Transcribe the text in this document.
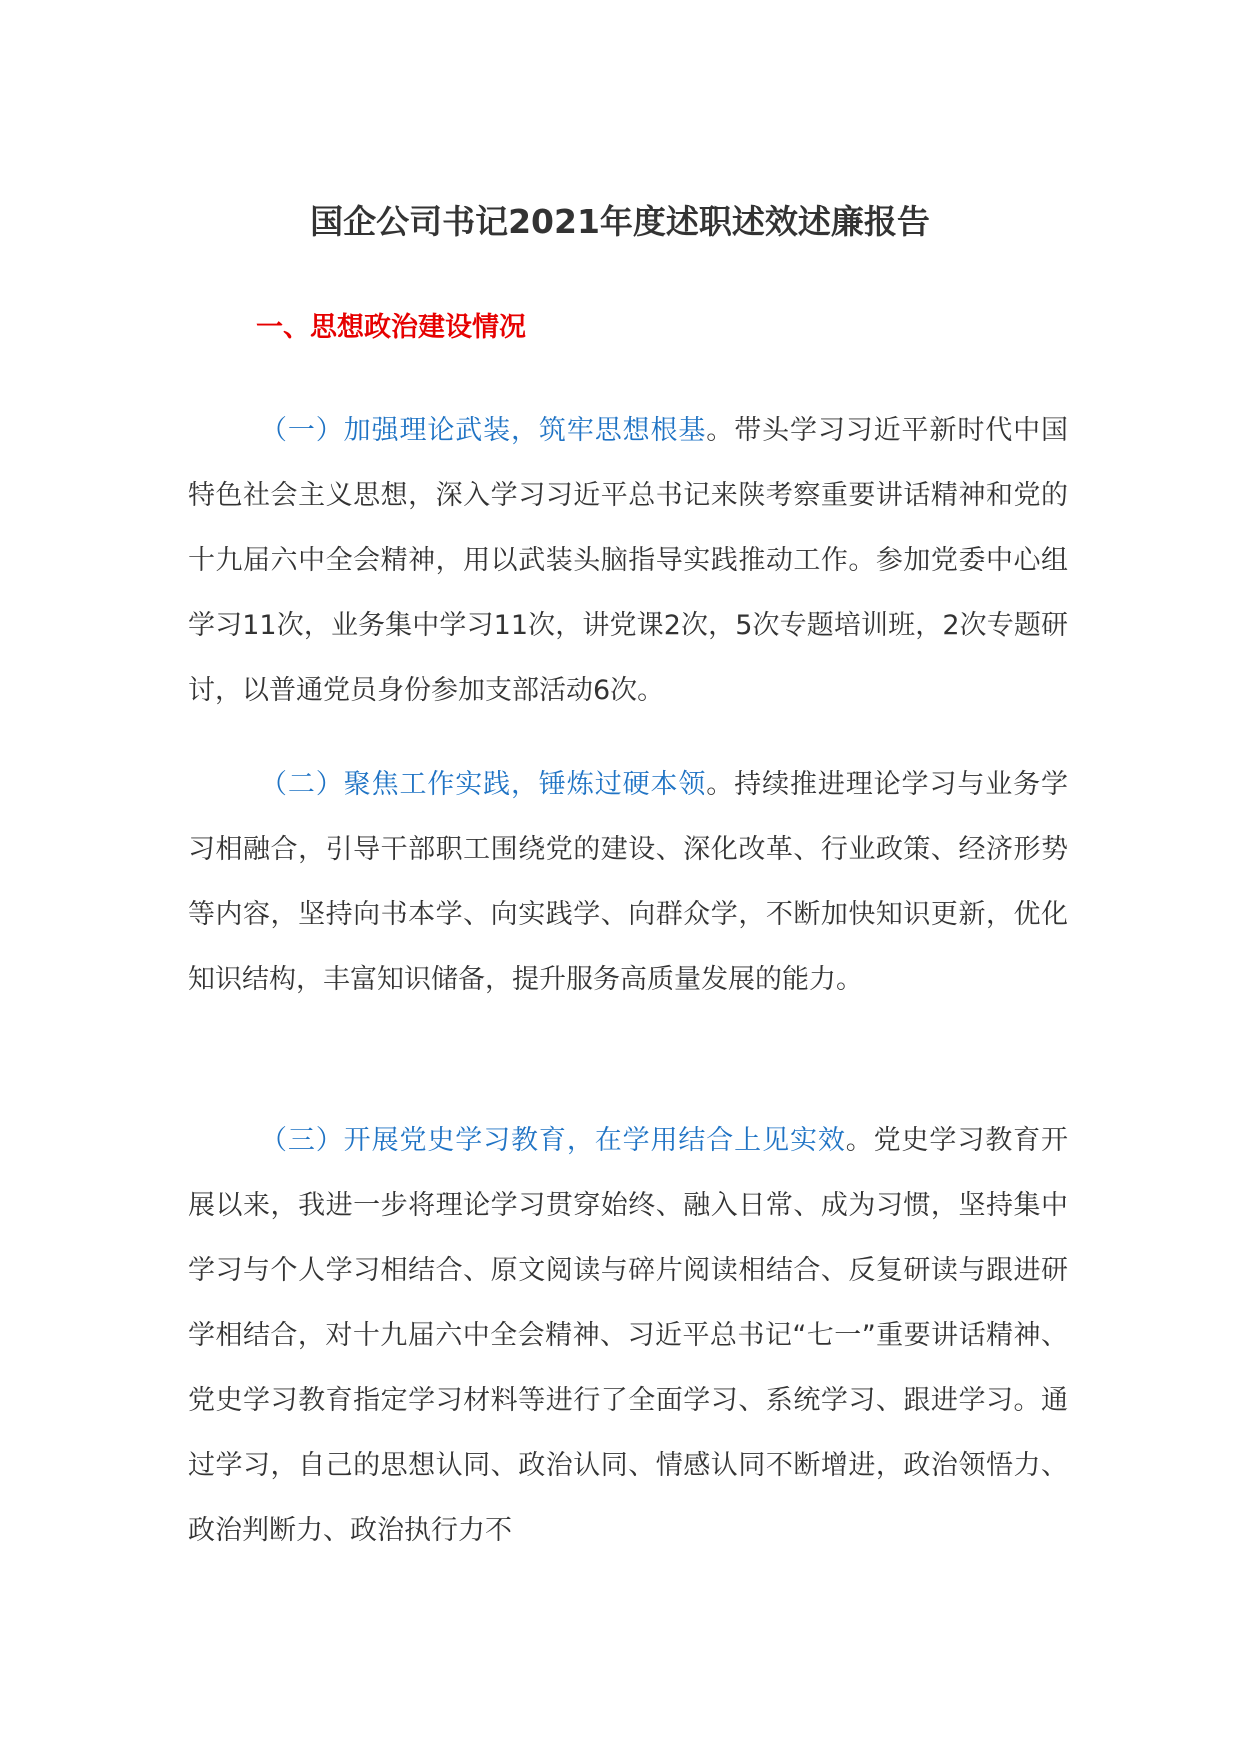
国企公司书记2021年度述职述效述廉报告
一、思想政治建设情况

（一）加强理论武装，筑牢思想根基。带头学习习近平新时代中国特色社会主义思想，深入学习习近平总书记来陕考察重要讲话精神和党的十九届六中全会精神，用以武装头脑指导实践推动工作。参加党委中心组学习11次，业务集中学习11次，讲党课2次，5次专题培训班，2次专题研讨，以普通党员身份参加支部活动6次。

（二）聚焦工作实践，锤炼过硬本领。持续推进理论学习与业务学习相融合，引导干部职工围绕党的建设、深化改革、行业政策、经济形势等内容，坚持向书本学、向实践学、向群众学，不断加快知识更新，优化知识结构，丰富知识储备，提升服务高质量发展的能力。

（三）开展党史学习教育，在学用结合上见实效。党史学习教育开展以来，我进一步将理论学习贯穿始终、融入日常、成为习惯，坚持集中学习与个人学习相结合、原文阅读与碎片阅读相结合、反复研读与跟进研学相结合，对十九届六中全会精神、习近平总书记“七一”重要讲话精神、党史学习教育指定学习材料等进行了全面学习、系统学习、跟进学习。通过学习，自己的思想认同、政治认同、情感认同不断增进，政治领悟力、政治判断力、政治执行力不
